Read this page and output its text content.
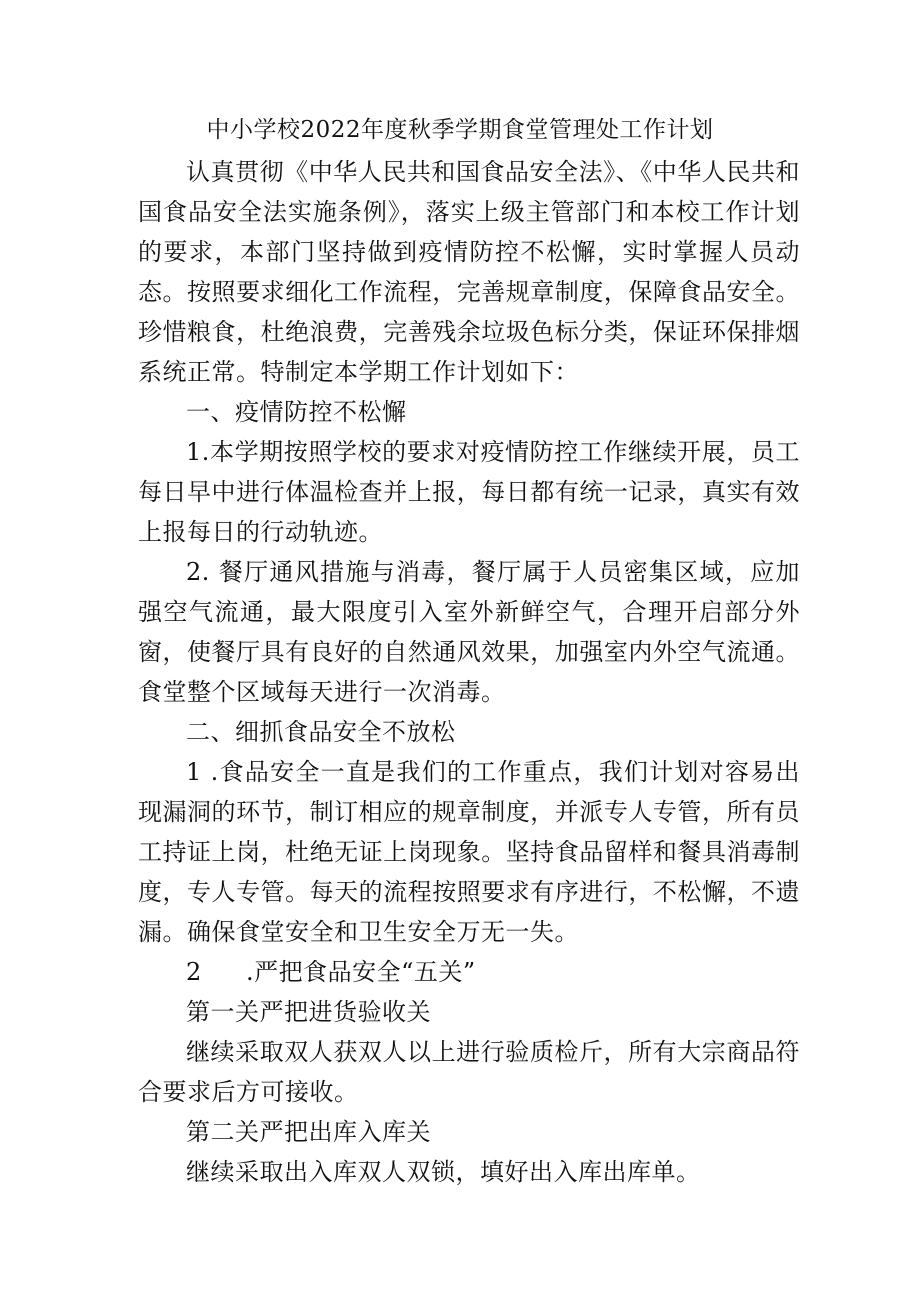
中小学校2022年度秋季学期食堂管理处工作计划

认真贯彻《中华人民共和国食品安全法》、《中华人民共和国食品安全法实施条例》，落实上级主管部门和本校工作计划的要求，本部门坚持做到疫情防控不松懈，实时掌握人员动态。按照要求细化工作流程，完善规章制度，保障食品安全。珍惜粮食，杜绝浪费，完善残余垃圾色标分类，保证环保排烟系统正常。特制定本学期工作计划如下：

一、疫情防控不松懈

1.本学期按照学校的要求对疫情防控工作继续开展，员工每日早中进行体温检查并上报，每日都有统一记录，真实有效上报每日的行动轨迹。

2. 餐厅通风措施与消毒，餐厅属于人员密集区域，应加强空气流通，最大限度引入室外新鲜空气，合理开启部分外窗，使餐厅具有良好的自然通风效果，加强室内外空气流通。食堂整个区域每天进行一次消毒。

二、细抓食品安全不放松

1 .食品安全一直是我们的工作重点，我们计划对容易出现漏洞的环节，制订相应的规章制度，并派专人专管，所有员工持证上岗，杜绝无证上岗现象。坚持食品留样和餐具消毒制度，专人专管。每天的流程按照要求有序进行，不松懈，不遗漏。确保食堂安全和卫生安全万无一失。

2 .严把食品安全“五关”

第一关严把进货验收关

继续采取双人获双人以上进行验质检斤，所有大宗商品符合要求后方可接收。

第二关严把出库入库关

继续采取出入库双人双锁，填好出入库出库单。
